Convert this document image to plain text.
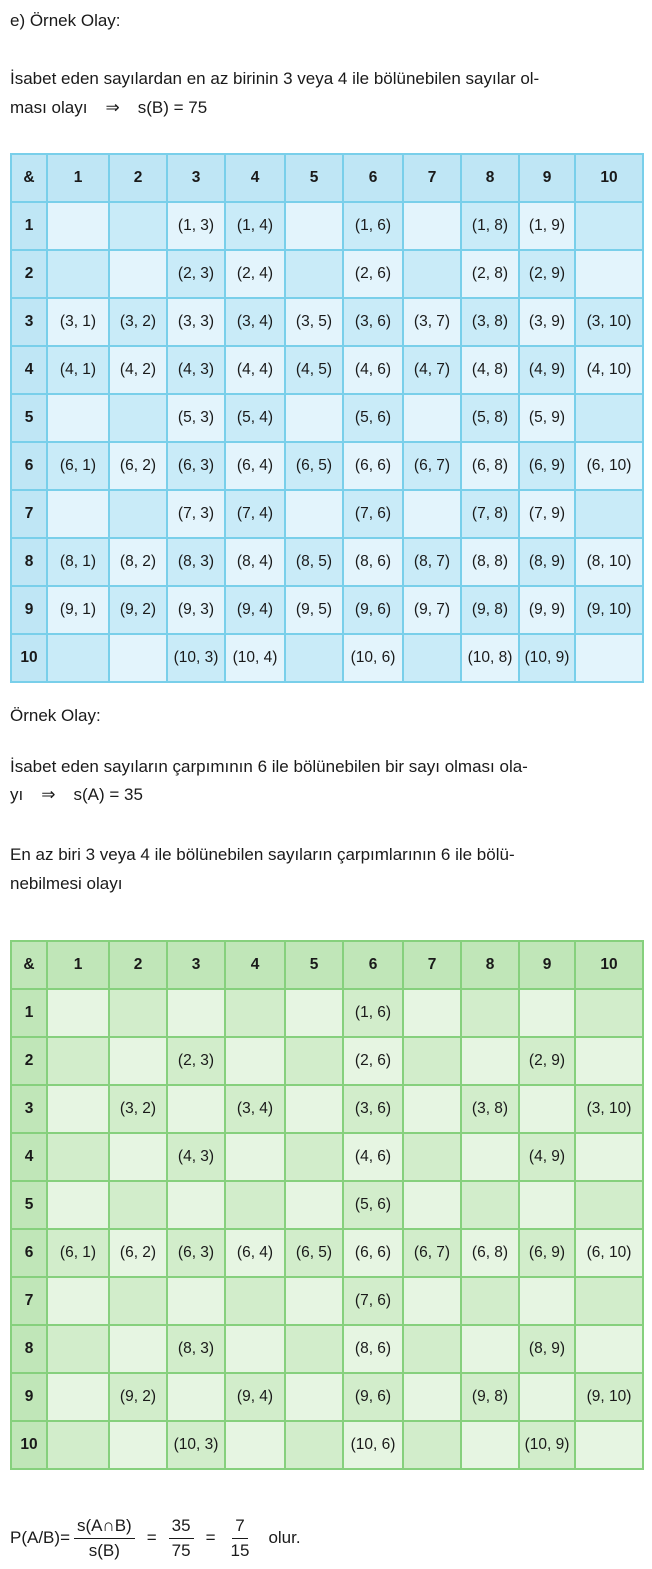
e) Örnek Olay:
İsabet eden sayılardan en az birinin 3 veya 4 ile bölünebilen sayılar ol-
ması olayı ⇒ s(B) = 75
&	1	2	3	4	5	6	7	8	9	10
1			(1, 3)	(1, 4)		(1, 6)		(1, 8)	(1, 9)	
2			(2, 3)	(2, 4)		(2, 6)		(2, 8)	(2, 9)	
3	(3, 1)	(3, 2)	(3, 3)	(3, 4)	(3, 5)	(3, 6)	(3, 7)	(3, 8)	(3, 9)	(3, 10)
4	(4, 1)	(4, 2)	(4, 3)	(4, 4)	(4, 5)	(4, 6)	(4, 7)	(4, 8)	(4, 9)	(4, 10)
5			(5, 3)	(5, 4)		(5, 6)		(5, 8)	(5, 9)	
6	(6, 1)	(6, 2)	(6, 3)	(6, 4)	(6, 5)	(6, 6)	(6, 7)	(6, 8)	(6, 9)	(6, 10)
7			(7, 3)	(7, 4)		(7, 6)		(7, 8)	(7, 9)	
8	(8, 1)	(8, 2)	(8, 3)	(8, 4)	(8, 5)	(8, 6)	(8, 7)	(8, 8)	(8, 9)	(8, 10)
9	(9, 1)	(9, 2)	(9, 3)	(9, 4)	(9, 5)	(9, 6)	(9, 7)	(9, 8)	(9, 9)	(9, 10)
10			(10, 3)	(10, 4)		(10, 6)		(10, 8)	(10, 9)	
Örnek Olay:
İsabet eden sayıların çarpımının 6 ile bölünebilen bir sayı olması ola-
yı ⇒ s(A) = 35
En az biri 3 veya 4 ile bölünebilen sayıların çarpımlarının 6 ile bölü-
nebilmesi olayı
&	1	2	3	4	5	6	7	8	9	10
1						(1, 6)				
2			(2, 3)			(2, 6)			(2, 9)	
3		(3, 2)		(3, 4)		(3, 6)		(3, 8)		(3, 10)
4			(4, 3)			(4, 6)			(4, 9)	
5						(5, 6)				
6	(6, 1)	(6, 2)	(6, 3)	(6, 4)	(6, 5)	(6, 6)	(6, 7)	(6, 8)	(6, 9)	(6, 10)
7						(7, 6)				
8			(8, 3)			(8, 6)			(8, 9)	
9		(9, 2)		(9, 4)		(9, 6)		(9, 8)		(9, 10)
10			(10, 3)			(10, 6)			(10, 9)	
$P(A/B) = \frac{s(A\cap B)}{s(B)} = \frac{35}{75} = \frac{7}{15}$ olur.
